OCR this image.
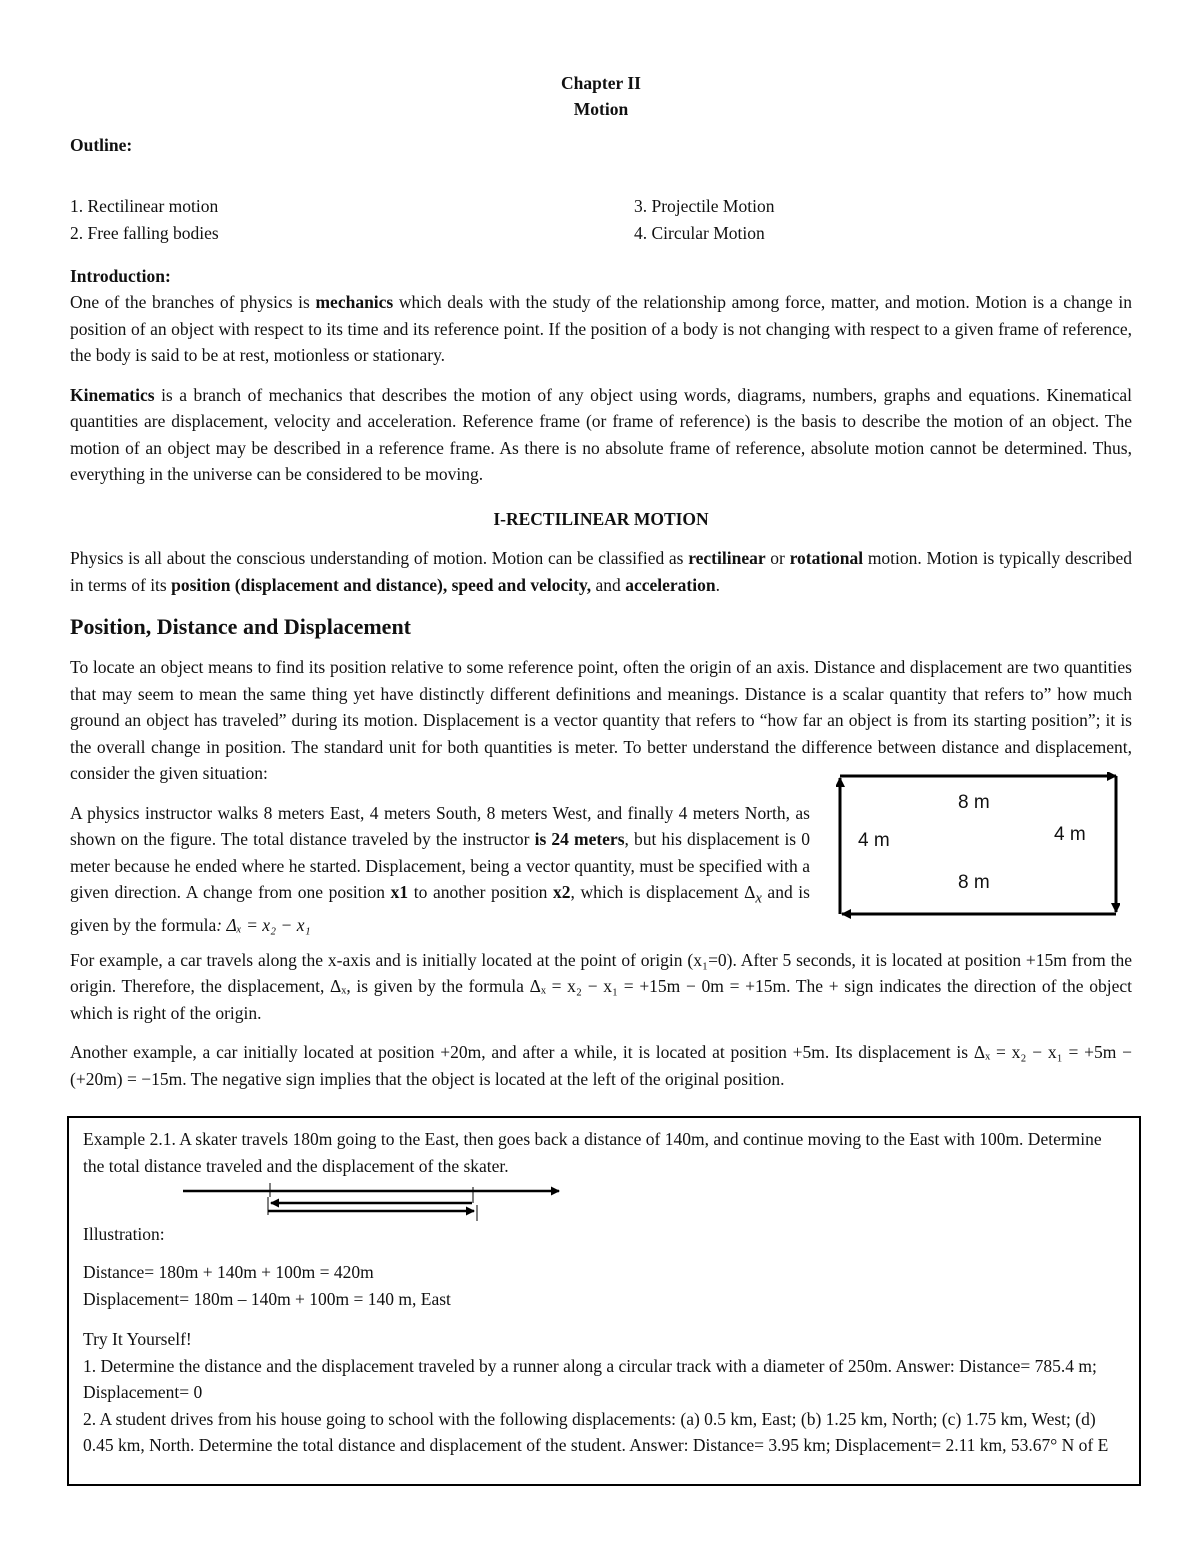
Chapter II
Motion
Outline:
1. Rectilinear motion
2. Free falling bodies
3. Projectile Motion
4. Circular Motion
Introduction:

One of the branches of physics is mechanics which deals with the study of the relationship among force, matter, and motion. Motion is a change in position of an object with respect to its time and its reference point. If the position of a body is not changing with respect to a given frame of reference, the body is said to be at rest, motionless or stationary.

Kinematics is a branch of mechanics that describes the motion of any object using words, diagrams, numbers, graphs and equations. Kinematical quantities are displacement, velocity and acceleration. Reference frame (or frame of reference) is the basis to describe the motion of an object. The motion of an object may be described in a reference frame. As there is no absolute frame of reference, absolute motion cannot be determined. Thus, everything in the universe can be considered to be moving.

I-RECTILINEAR MOTION

Physics is all about the conscious understanding of motion. Motion can be classified as rectilinear or rotational motion. Motion is typically described in terms of its position (displacement and distance), speed and velocity, and acceleration.

Position, Distance and Displacement

To locate an object means to find its position relative to some reference point, often the origin of an axis. Distance and displacement are two quantities that may seem to mean the same thing yet have distinctly different definitions and meanings. Distance is a scalar quantity that refers to” how much ground an object has traveled” during its motion. Displacement is a vector quantity that refers to “how far an object is from its starting position”; it is the overall change in position. The standard unit for both quantities is meter. To better understand the difference between distance and displacement, consider the given situation:

A physics instructor walks 8 meters East, 4 meters South, 8 meters West, and finally 4 meters North, as shown on the figure. The total distance traveled by the instructor is 24 meters, but his displacement is 0 meter because he ended where he started. Displacement, being a vector quantity, must be specified with a given direction. A change from one position x1 to another position x2, which is displacement $\Delta_x$ and is given by the formula: Δₓ = x₂ − x₁

8 m
8 m
4 m	4 m

For example, a car travels along the x-axis and is initially located at the point of origin (x₁=0). After 5 seconds, it is located at position +15m from the origin. Therefore, the displacement, Δₓ, is given by the formula Δₓ = x₂ − x₁ = +15m − 0m = +15m. The + sign indicates the direction of the object which is right of the origin.

Another example, a car initially located at position +20m, and after a while, it is located at position +5m. Its displacement is Δₓ = x₂ − x₁ = +5m − (+20m) = −15m. The negative sign implies that the object is located at the left of the original position.

Example 2.1. A skater travels 180m going to the East, then goes back a distance of 140m, and continue moving to the East with 100m. Determine the total distance traveled and the displacement of the skater.

Illustration:

Distance= 180m + 140m + 100m = 420m

Displacement= 180m – 140m + 100m = 140 m, East

Try It Yourself!

1. Determine the distance and the displacement traveled by a runner along a circular track with a diameter of 250m. Answer: Distance= 785.4 m; Displacement= 0

2. A student drives from his house going to school with the following displacements: (a) 0.5 km, East; (b) 1.25 km, North; (c) 1.75 km, West; (d) 0.45 km, North. Determine the total distance and displacement of the student. Answer: Distance= 3.95 km; Displacement= 2.11 km, 53.67° N of E
